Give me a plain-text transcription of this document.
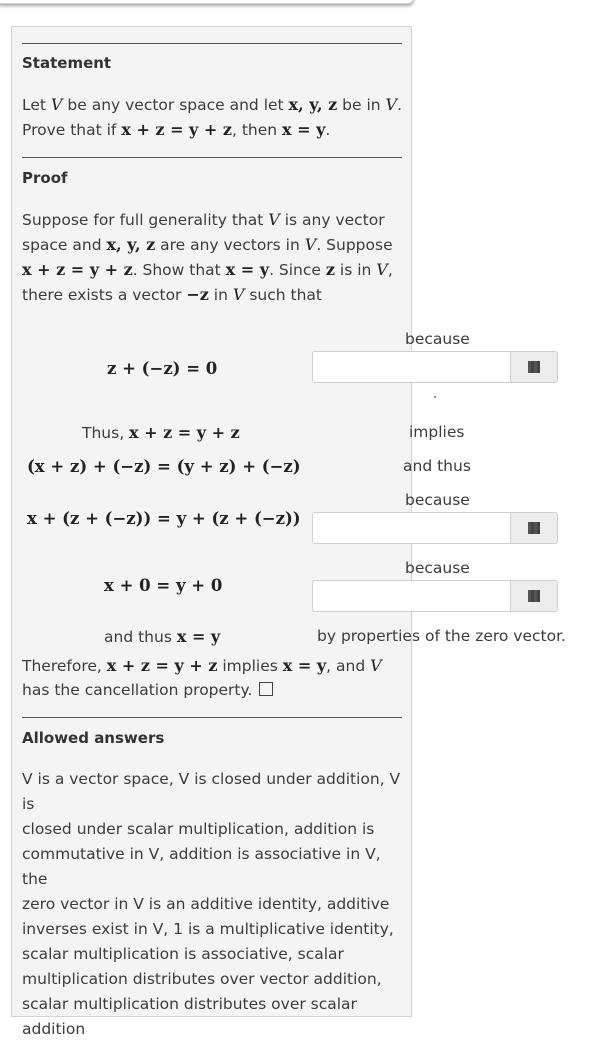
Statement
Let V be any vector space and let x, y, z be in V.
Prove that if x + z = y + z, then x = y.
Proof
Suppose for full generality that V is any vector
space and x, y, z are any vectors in V. Suppose
x + z = y + z. Show that x = y. Since z is in V,
there exists a vector −z in V such that
because
z + (−z) = 0
Thus, x + z = y + z	implies
(x + z) + (−z) = (y + z) + (−z)	and thus
because
x + (z + (−z)) = y + (z + (−z))
because
x + 0 = y + 0
and thus x = y	by properties of the zero vector.
Therefore, x + z = y + z implies x = y, and V
has the cancellation property.
Allowed answers
V is a vector space, V is closed under addition, V is
closed under scalar multiplication, addition is
commutative in V, addition is associative in V, the
zero vector in V is an additive identity, additive
inverses exist in V, 1 is a multiplicative identity,
scalar multiplication is associative, scalar
multiplication distributes over vector addition,
scalar multiplication distributes over scalar
addition
